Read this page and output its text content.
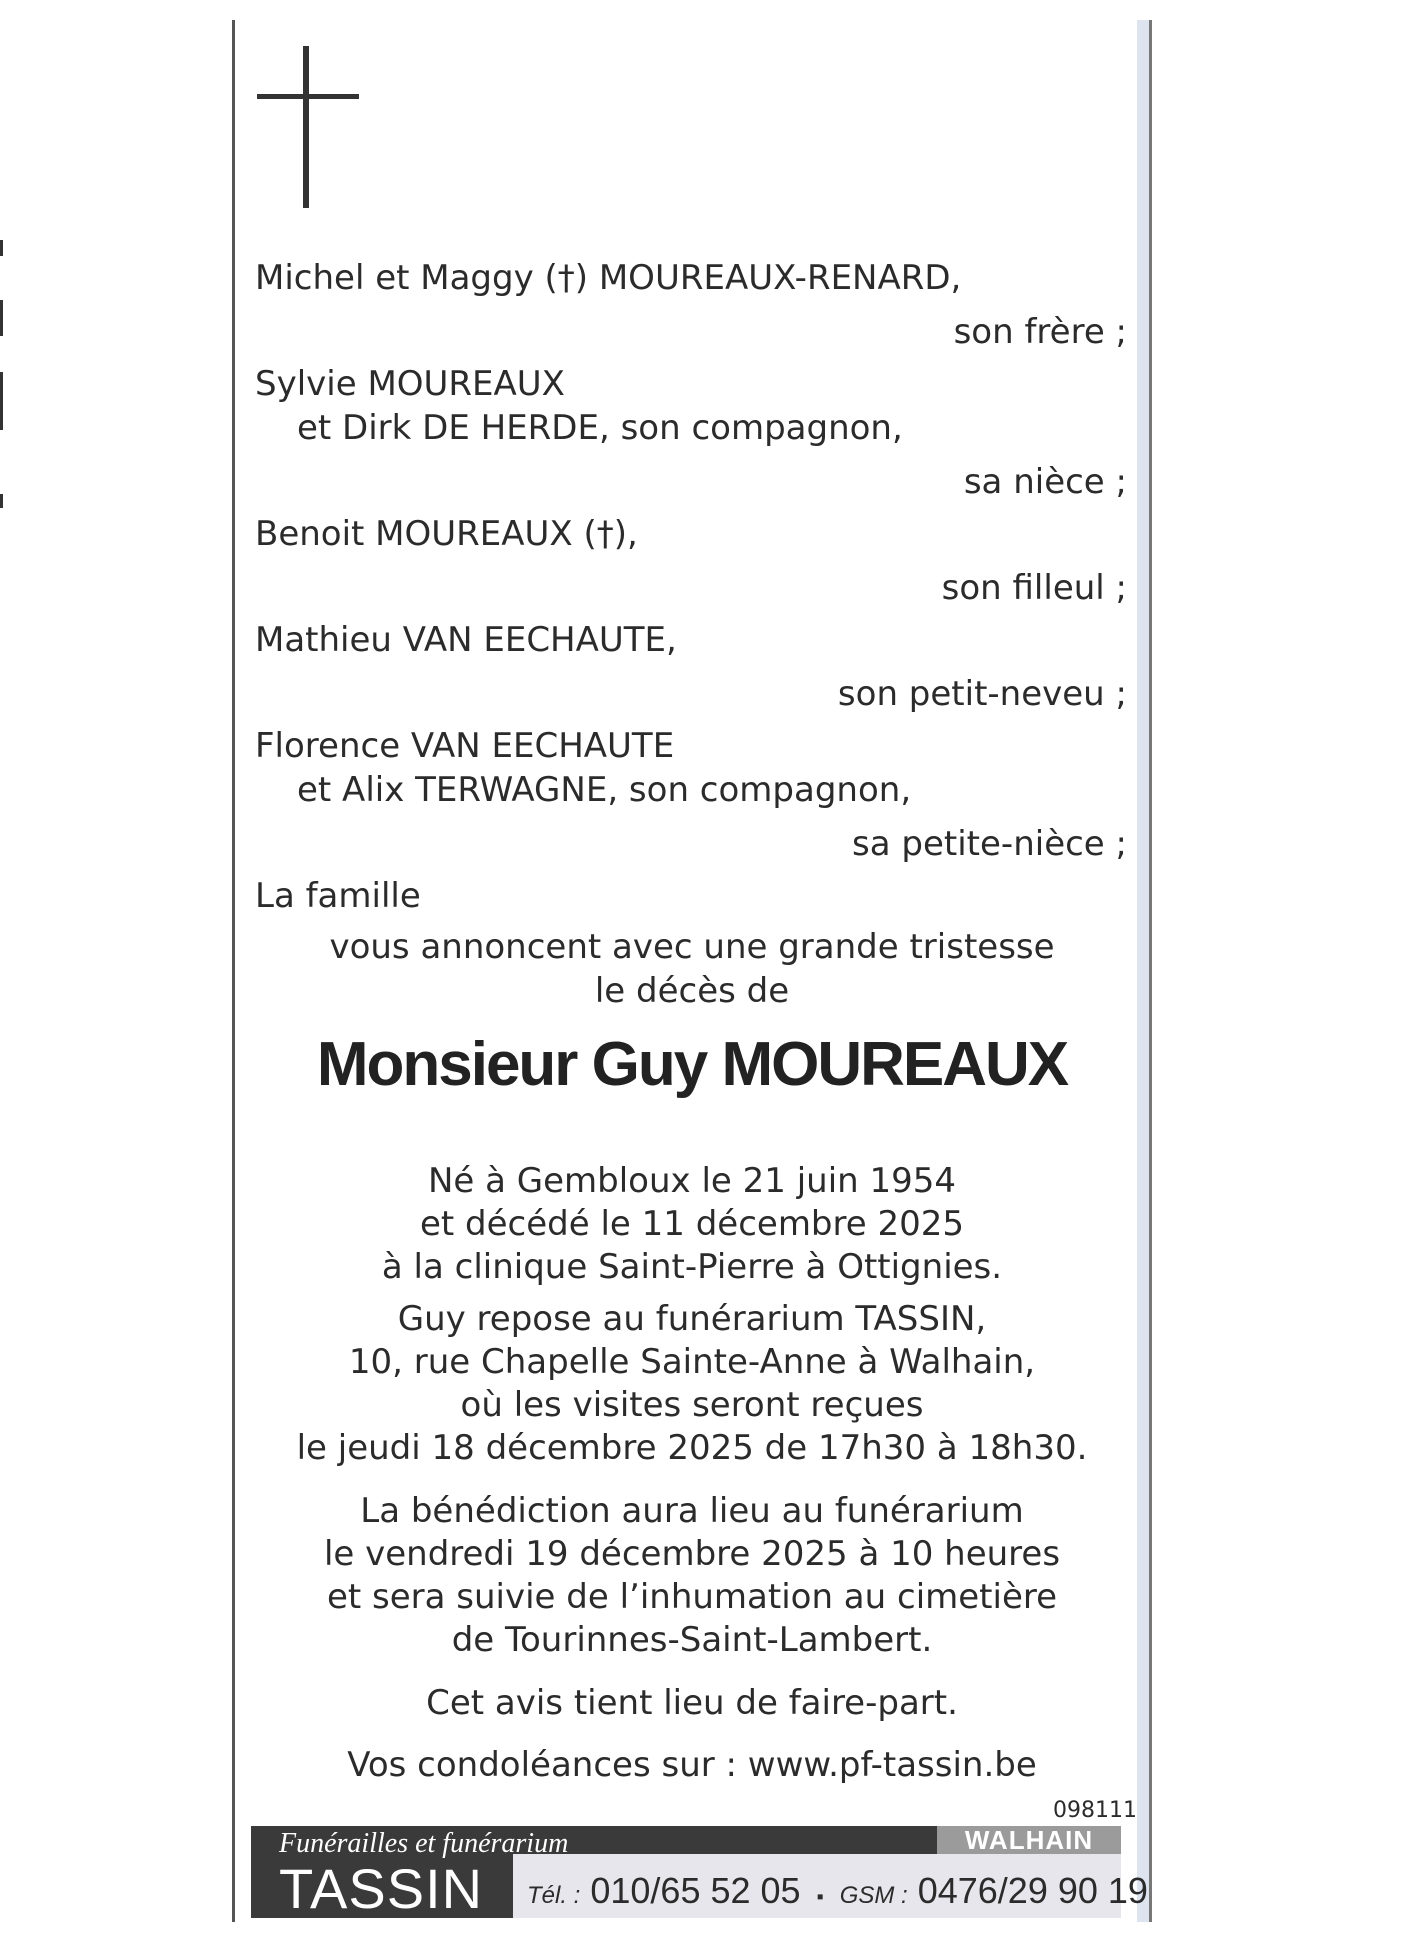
Michel et Maggy (†) MOUREAUX-RENARD,
son frère ;
Sylvie MOUREAUX
et Dirk DE HERDE, son compagnon,
sa nièce ;
Benoit MOUREAUX (†),
son filleul ;
Mathieu VAN EECHAUTE,
son petit-neveu ;
Florence VAN EECHAUTE
et Alix TERWAGNE, son compagnon,
sa petite-nièce ;
La famille
vous annoncent avec une grande tristesse
le décès de
Monsieur Guy MOUREAUX
Né à Gembloux le 21 juin 1954
et décédé le 11 décembre 2025
à la clinique Saint-Pierre à Ottignies.
Guy repose au funérarium TASSIN,
10, rue Chapelle Sainte-Anne à Walhain,
où les visites seront reçues
le jeudi 18 décembre 2025 de 17h30 à 18h30.
La bénédiction aura lieu au funérarium
le vendredi 19 décembre 2025 à 10 heures
et sera suivie de l’inhumation au cimetière
de Tourinnes-Saint-Lambert.
Cet avis tient lieu de faire-part.
Vos condoléances sur : www.pf-tassin.be
098111
Funérailles et funérarium
TASSIN
WALHAIN
Tél. : 010/65 52 05 ▪ GSM : 0476/29 90 19
